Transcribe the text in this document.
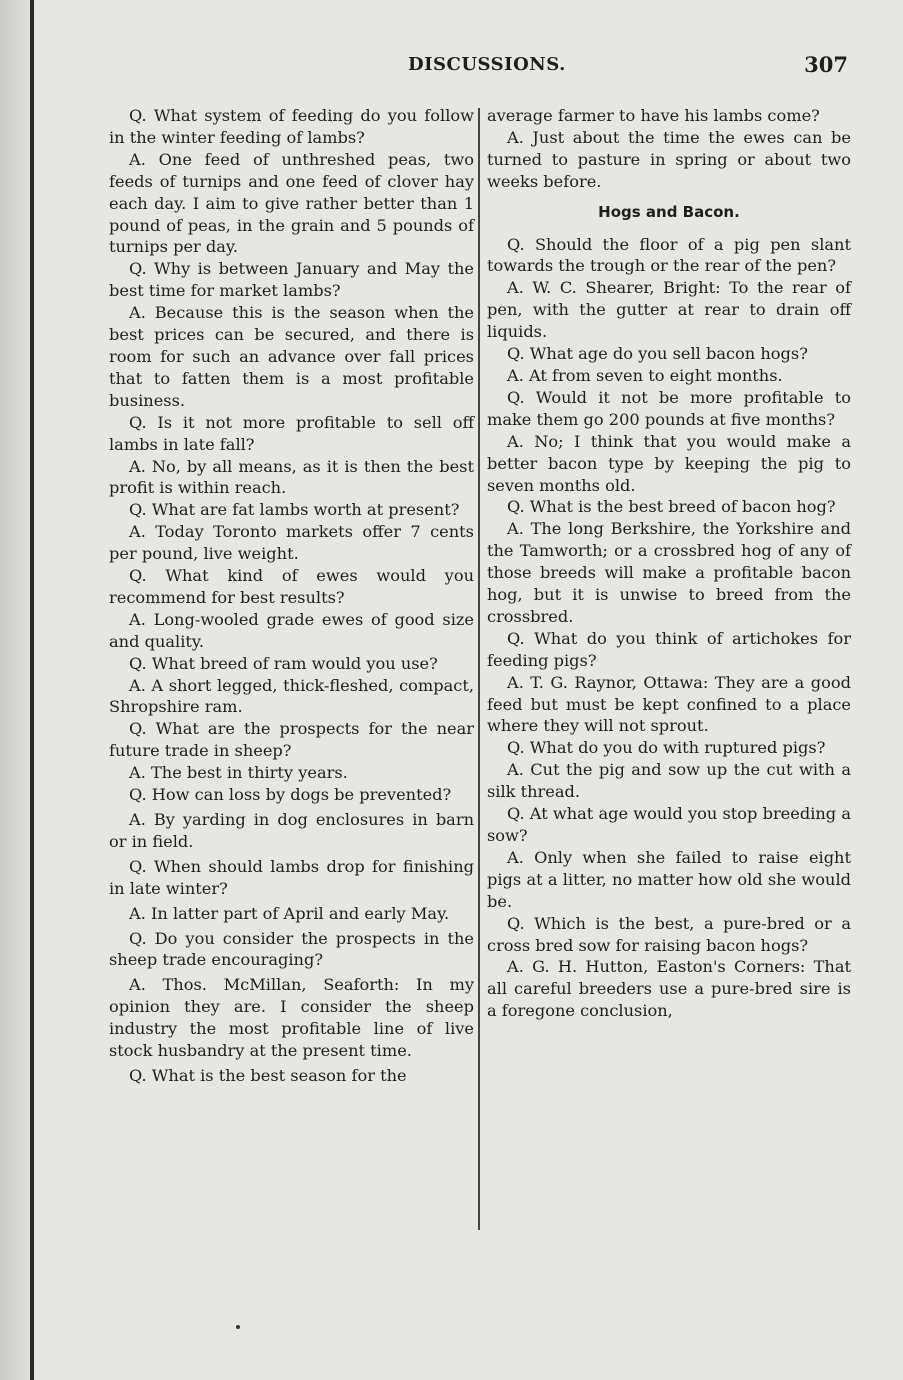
DISCUSSIONS.	307

Q. What system of feeding do you follow in the winter feeding of lambs?

A. One feed of unthreshed peas, two feeds of turnips and one feed of clover hay each day. I aim to give rather better than 1 pound of peas, in the grain and 5 pounds of turnips per day.

Q. Why is between January and May the best time for market lambs?

A. Because this is the season when the best prices can be secured, and there is room for such an advance over fall prices that to fatten them is a most profitable business.

Q. Is it not more profitable to sell off lambs in late fall?

A. No, by all means, as it is then the best profit is within reach.

Q. What are fat lambs worth at present?

A. Today Toronto markets offer 7 cents per pound, live weight.

Q. What kind of ewes would you recommend for best results?

A. Long-wooled grade ewes of good size and quality.

Q. What breed of ram would you use?

A. A short legged, thick-fleshed, compact, Shropshire ram.

Q. What are the prospects for the near future trade in sheep?

A. The best in thirty years.

Q. How can loss by dogs be prevented?

A. By yarding in dog enclosures in barn or in field.

Q. When should lambs drop for finishing in late winter?

A. In latter part of April and early May.

Q. Do you consider the prospects in the sheep trade encouraging?

A. Thos. McMillan, Seaforth: In my opinion they are. I consider the sheep industry the most profitable line of live stock husbandry at the present time.

Q. What is the best season for the

average farmer to have his lambs come?

A. Just about the time the ewes can be turned to pasture in spring or about two weeks before.

Hogs and Bacon.

Q. Should the floor of a pig pen slant towards the trough or the rear of the pen?

A. W. C. Shearer, Bright: To the rear of pen, with the gutter at rear to drain off liquids.

Q. What age do you sell bacon hogs?

A. At from seven to eight months.

Q. Would it not be more profitable to make them go 200 pounds at five months?

A. No; I think that you would make a better bacon type by keeping the pig to seven months old.

Q. What is the best breed of bacon hog?

A. The long Berkshire, the Yorkshire and the Tamworth; or a crossbred hog of any of those breeds will make a profitable bacon hog, but it is unwise to breed from the crossbred.

Q. What do you think of artichokes for feeding pigs?

A. T. G. Raynor, Ottawa: They are a good feed but must be kept confined to a place where they will not sprout.

Q. What do you do with ruptured pigs?

A. Cut the pig and sow up the cut with a silk thread.

Q. At what age would you stop breeding a sow?

A. Only when she failed to raise eight pigs at a litter, no matter how old she would be.

Q. Which is the best, a pure-bred or a cross bred sow for raising bacon hogs?

A. G. H. Hutton, Easton's Corners: That all careful breeders use a pure-bred sire is a foregone conclusion,
